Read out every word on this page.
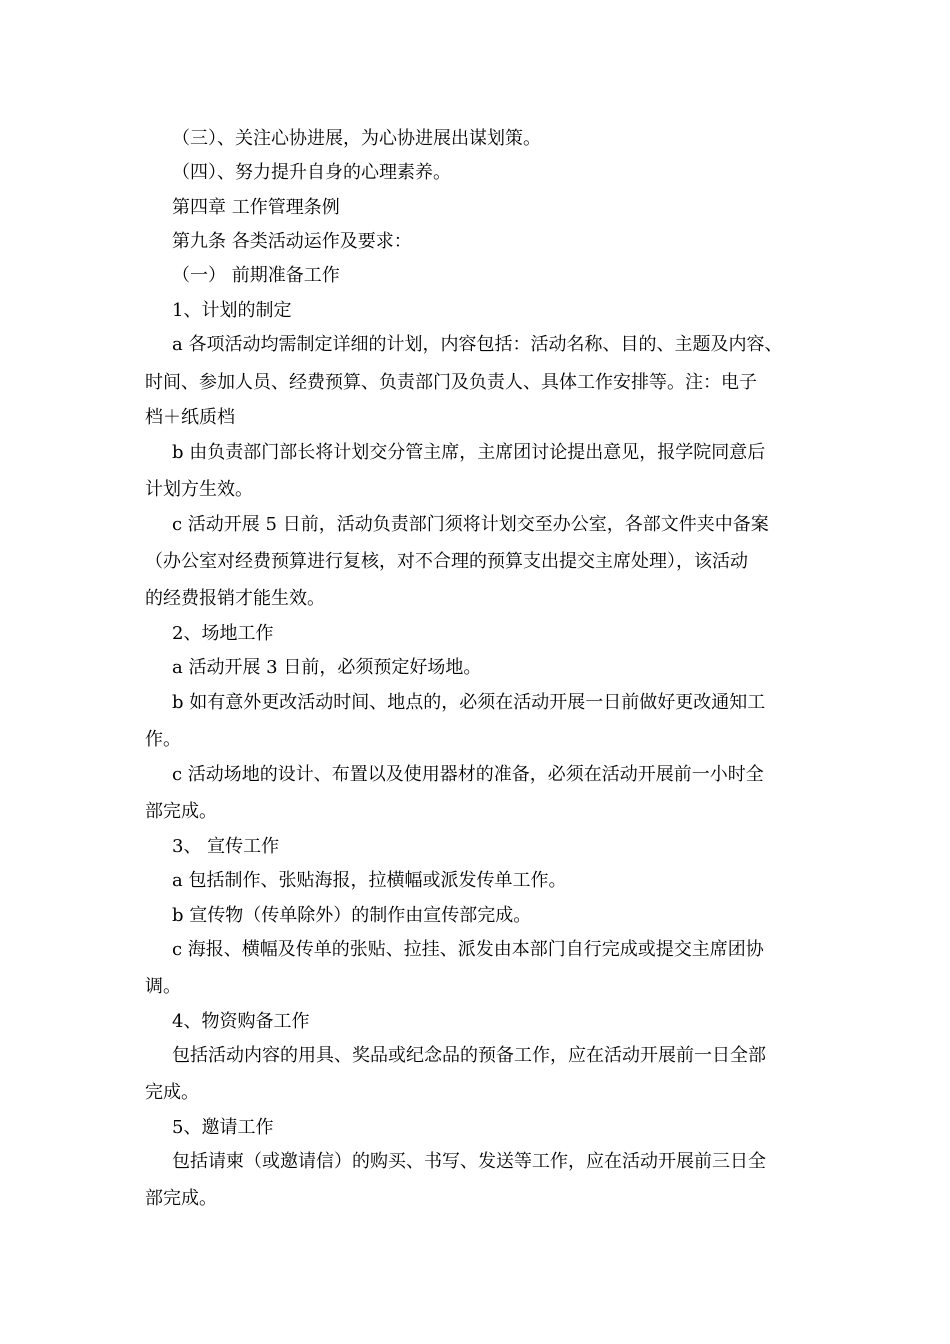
（三）、关注心协进展，为心协进展出谋划策。
（四）、努力提升自身的心理素养。
第四章 工作管理条例
第九条 各类活动运作及要求：
（一） 前期准备工作
1、计划的制定
a 各项活动均需制定详细的计划，内容包括：活动名称、目的、主题及内容、
时间、参加人员、经费预算、负责部门及负责人、具体工作安排等。注：电子
档＋纸质档
b 由负责部门部长将计划交分管主席，主席团讨论提出意见，报学院同意后
计划方生效。
c 活动开展 5 日前，活动负责部门须将计划交至办公室，各部文件夹中备案
（办公室对经费预算进行复核，对不合理的预算支出提交主席处理），该活动
的经费报销才能生效。
2、场地工作
a 活动开展 3 日前，必须预定好场地。
b 如有意外更改活动时间、地点的，必须在活动开展一日前做好更改通知工
作。
c 活动场地的设计、布置以及使用器材的准备，必须在活动开展前一小时全
部完成。
3、 宣传工作
a 包括制作、张贴海报，拉横幅或派发传单工作。
b 宣传物（传单除外）的制作由宣传部完成。
c 海报、横幅及传单的张贴、拉挂、派发由本部门自行完成或提交主席团协
调。
4、物资购备工作
包括活动内容的用具、奖品或纪念品的预备工作，应在活动开展前一日全部
完成。
5、邀请工作
包括请柬（或邀请信）的购买、书写、发送等工作，应在活动开展前三日全
部完成。
